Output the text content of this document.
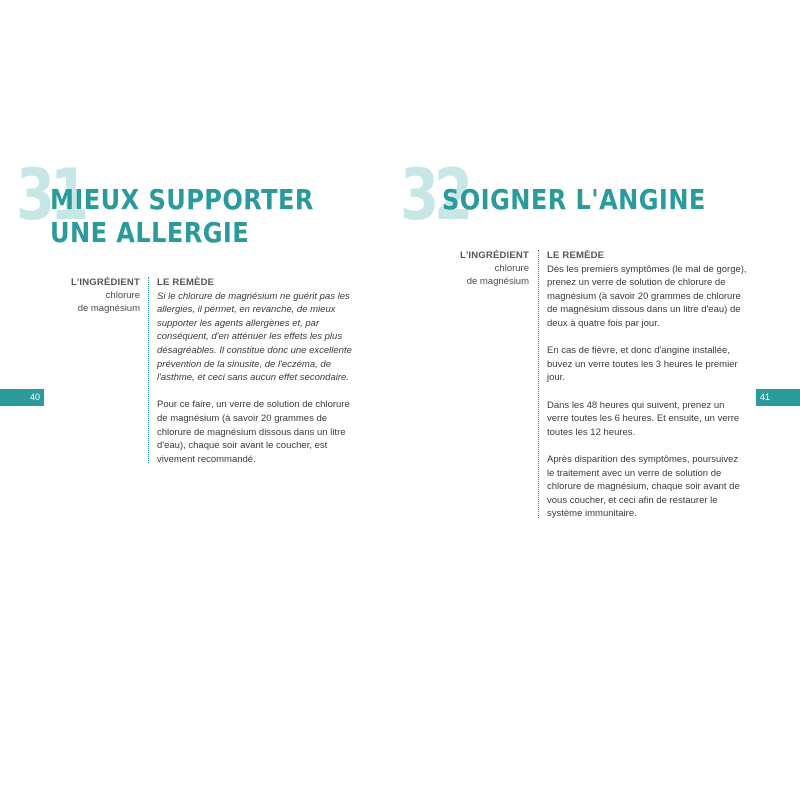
31
MIEUX SUPPORTER
UNE ALLERGIE
L'INGRÉDIENT
chlorure
de magnésium
LE REMÈDE

Si le chlorure de magnésium ne guérit pas les allergies, il permet, en revanche, de mieux supporter les agents allergènes et, par conséquent, d'en atténuer les effets les plus désagréables. Il constitue donc une excellente prévention de la sinusite, de l'eczéma, de l'asthme, et ceci sans aucun effet secondaire.

Pour ce faire, un verre de solution de chlorure de magnésium (à savoir 20 grammes de chlorure de magnésium dissous dans un litre d'eau), chaque soir avant le coucher, est vivement recommandé.

40
32
SOIGNER L'ANGINE
L'INGRÉDIENT
chlorure
de magnésium
LE REMÈDE

Dès les premiers symptômes (le mal de gorge), prenez un verre de solution de chlorure de magnésium (à savoir 20 grammes de chlorure de magnésium dissous dans un litre d'eau) de deux à quatre fois par jour.

En cas de fièvre, et donc d'angine installée, buvez un verre toutes les 3 heures le premier jour.

Dans les 48 heures qui suivent, prenez un verre toutes les 6 heures. Et ensuite, un verre toutes les 12 heures.

Après disparition des symptômes, poursuivez le traitement avec un verre de solution de chlorure de magnésium, chaque soir avant de vous coucher, et ceci afin de restaurer le système immunitaire.

41
